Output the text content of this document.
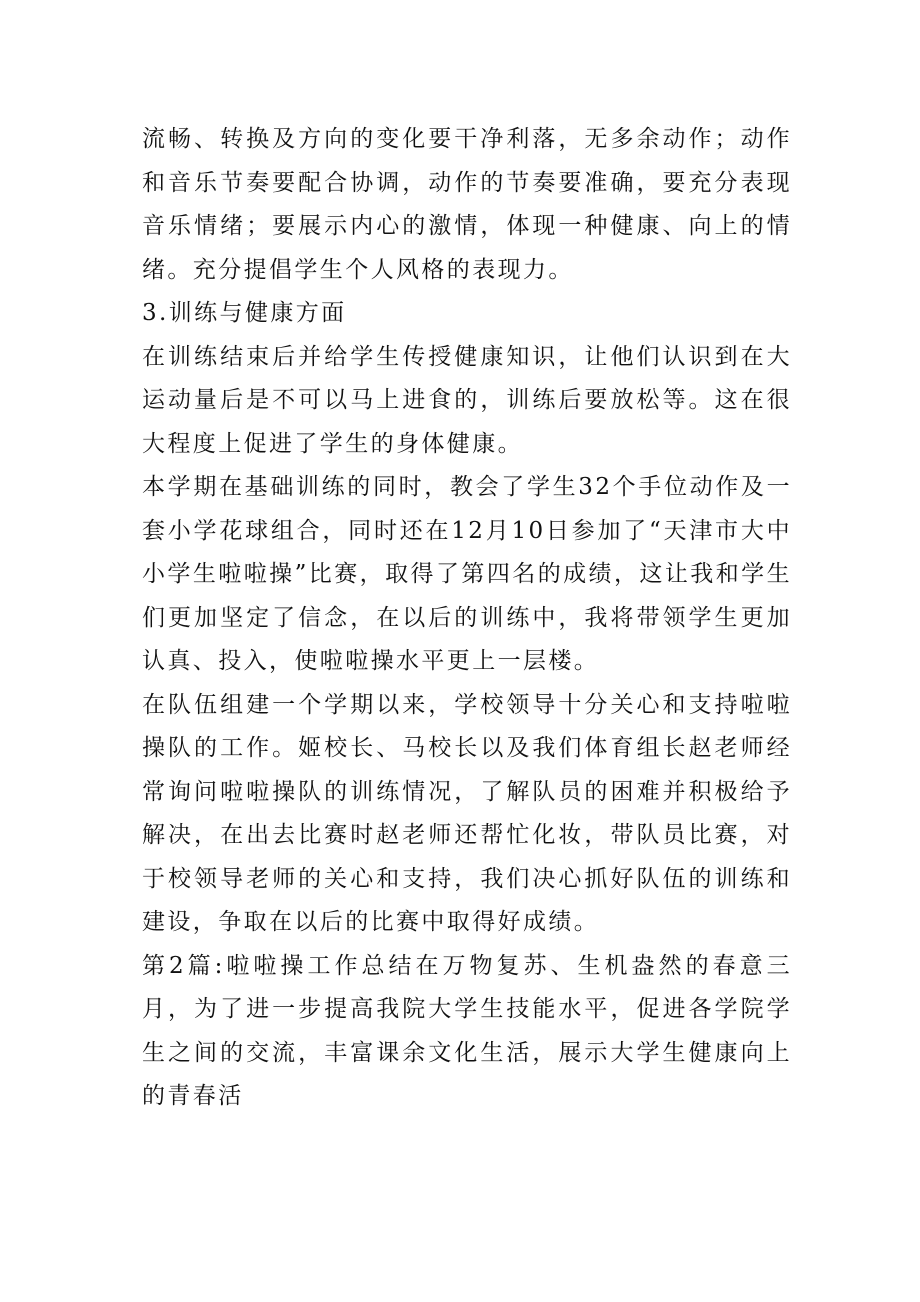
流畅、转换及方向的变化要干净利落，无多余动作；动作和音乐节奏要配合协调，动作的节奏要准确，要充分表现音乐情绪；要展示内心的激情，体现一种健康、向上的情绪。充分提倡学生个人风格的表现力。

3.训练与健康方面

在训练结束后并给学生传授健康知识，让他们认识到在大运动量后是不可以马上进食的，训练后要放松等。这在很大程度上促进了学生的身体健康。

本学期在基础训练的同时，教会了学生32个手位动作及一套小学花球组合，同时还在12月10日参加了“天津市大中小学生啦啦操”比赛，取得了第四名的成绩，这让我和学生们更加坚定了信念，在以后的训练中，我将带领学生更加认真、投入，使啦啦操水平更上一层楼。

在队伍组建一个学期以来，学校领导十分关心和支持啦啦操队的工作。姬校长、马校长以及我们体育组长赵老师经常询问啦啦操队的训练情况，了解队员的困难并积极给予解决，在出去比赛时赵老师还帮忙化妆，带队员比赛，对于校领导老师的关心和支持，我们决心抓好队伍的训练和建设，争取在以后的比赛中取得好成绩。

第2篇:啦啦操工作总结在万物复苏、生机盎然的春意三月，为了进一步提高我院大学生技能水平，促进各学院学生之间的交流，丰富课余文化生活，展示大学生健康向上的青春活
